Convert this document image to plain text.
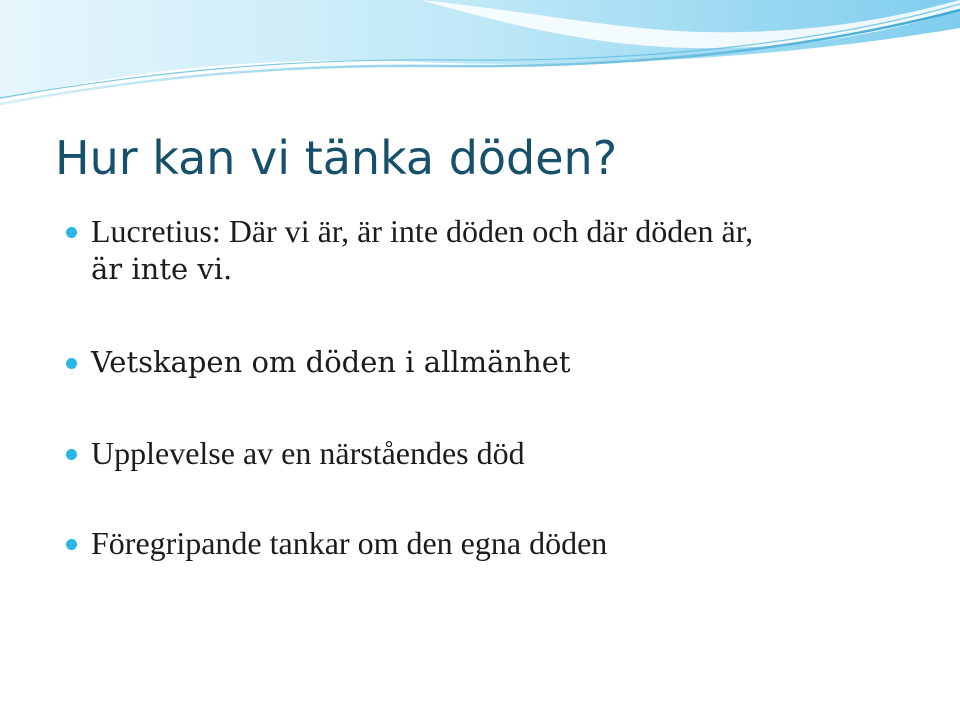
Hur kan vi tänka döden?
Lucretius: Där vi är, är inte döden och där döden är,
är inte vi.
Vetskapen om döden i allmänhet
Upplevelse av en närståendes död
Föregripande tankar om den egna döden
